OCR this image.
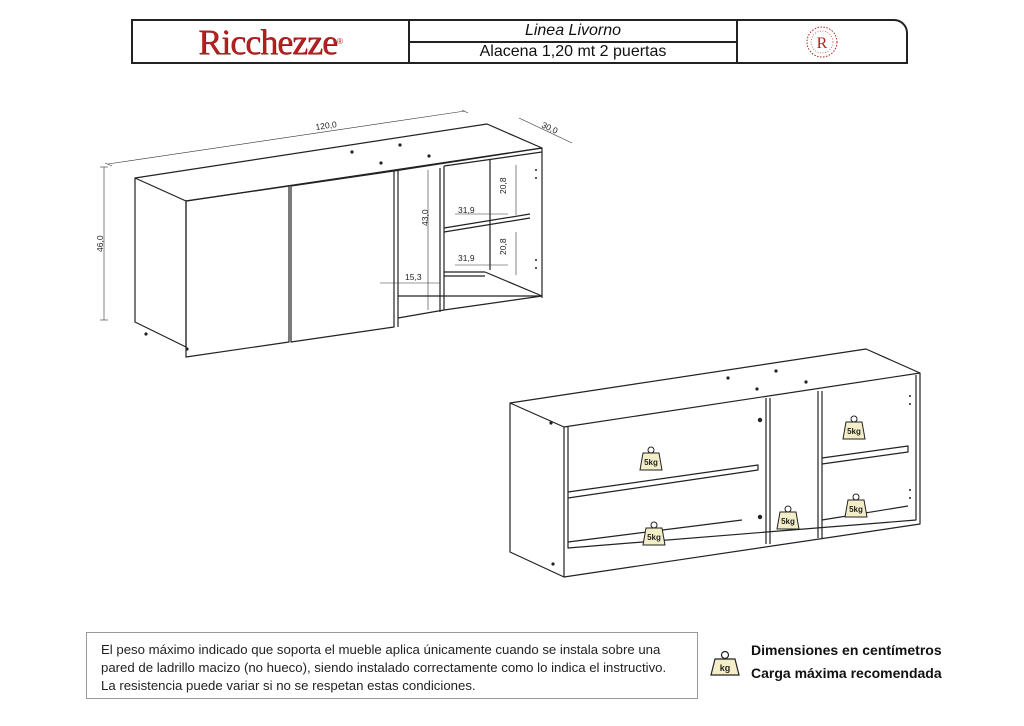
Ricchezze ®
Linea Livorno
Alacena 1,20 mt 2 puertas
R
120,0	30,0
46,0
43,0
20,8
20,8
31,9
31,9
15,3
5kg
5kg
5kg
5kg
5kg
El peso máximo indicado que soporta el mueble aplica únicamente cuando se instala sobre una pared de ladrillo macizo (no hueco), siendo instalado correctamente como lo indica el instructivo. La resistencia puede variar si no se respetan estas condiciones.
kg
Dimensiones en centímetros
Carga máxima recomendada
